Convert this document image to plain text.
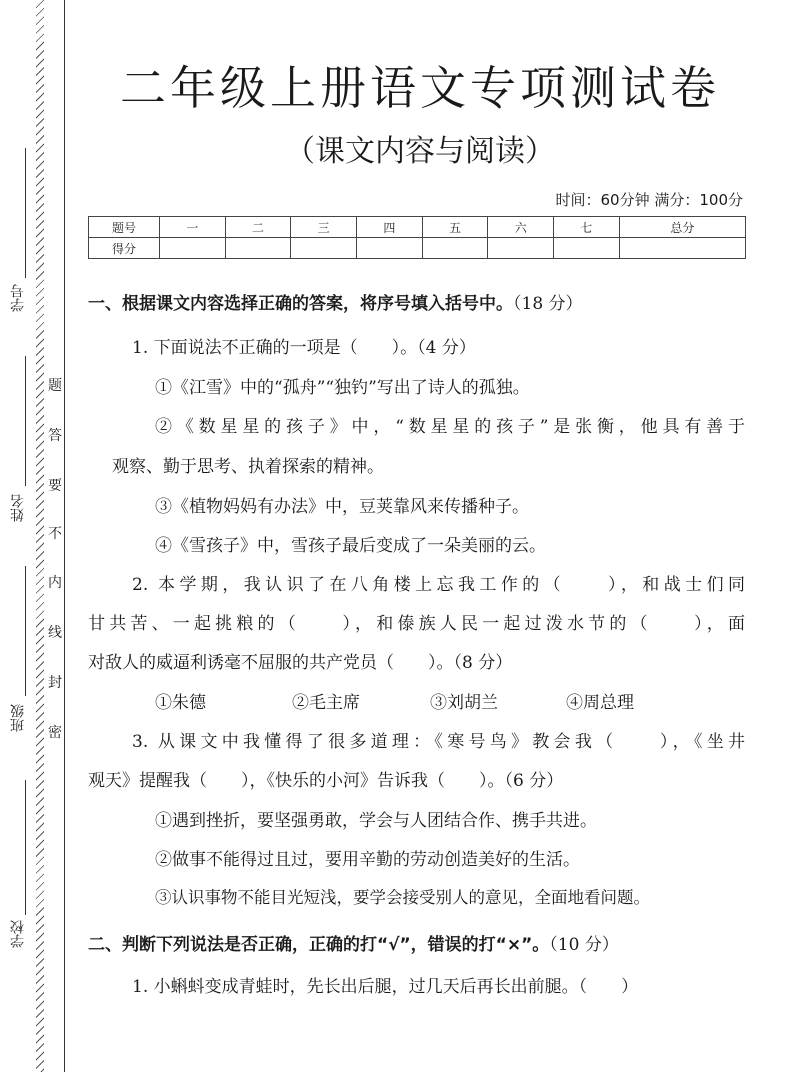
学号
姓名
班级
学校
题
答
要
不
内
线
封
密
二年级上册语文专项测试卷
（课文内容与阅读）
时间：60分钟 满分：100分
题号	一	二	三	四	五	六	七	总分
得分								
一、根据课文内容选择正确的答案，将序号填入括号中。（18 分）
1. 下面说法不正确的一项是（　　）。（4 分）
①《江雪》中的“孤舟”“独钓”写出了诗人的孤独。
②《数星星的孩子》中，“数星星的孩子”是张衡，他具有善于
观察、勤于思考、执着探索的精神。
③《植物妈妈有办法》中，豆荚靠风来传播种子。
④《雪孩子》中，雪孩子最后变成了一朵美丽的云。
2. 本学期，我认识了在八角楼上忘我工作的（　　），和战士们同
甘共苦、一起挑粮的（　　），和傣族人民一起过泼水节的（　　），面
对敌人的威逼利诱毫不屈服的共产党员（　　）。（8 分）
①朱德	②毛主席	③刘胡兰	④周总理
3. 从课文中我懂得了很多道理：《寒号鸟》教会我（　　），《坐井
观天》提醒我（　　），《快乐的小河》告诉我（　　）。（6 分）
①遇到挫折，要坚强勇敢，学会与人团结合作、携手共进。
②做事不能得过且过，要用辛勤的劳动创造美好的生活。
③认识事物不能目光短浅，要学会接受别人的意见，全面地看问题。
二、判断下列说法是否正确，正确的打“√”，错误的打“×”。（10 分）
1. 小蝌蚪变成青蛙时，先长出后腿，过几天后再长出前腿。（　　）
